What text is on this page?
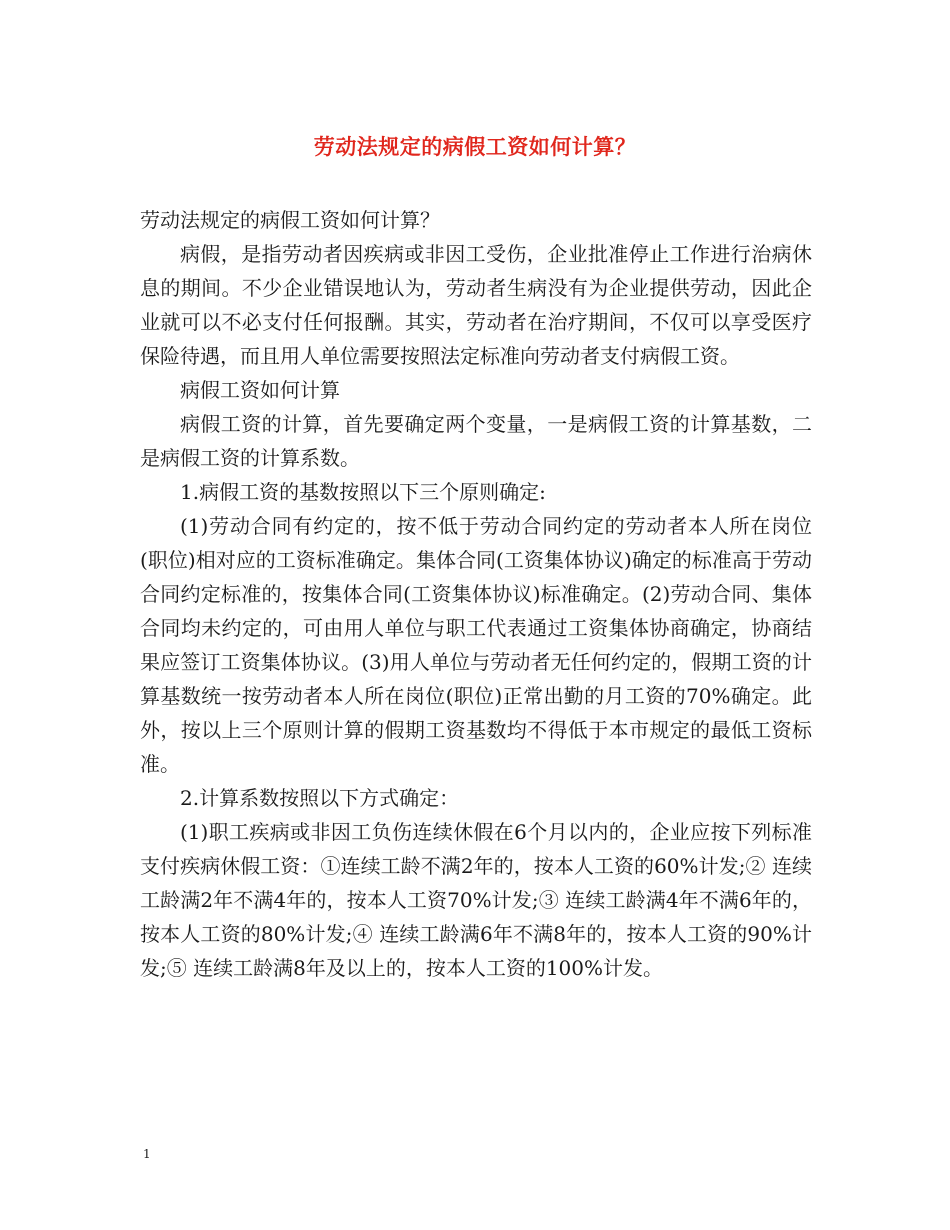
劳动法规定的病假工资如何计算？

劳动法规定的病假工资如何计算？

病假，是指劳动者因疾病或非因工受伤，企业批准停止工作进行治病休息的期间。不少企业错误地认为，劳动者生病没有为企业提供劳动，因此企业就可以不必支付任何报酬。其实，劳动者在治疗期间，不仅可以享受医疗保险待遇，而且用人单位需要按照法定标准向劳动者支付病假工资。

病假工资如何计算

病假工资的计算，首先要确定两个变量，一是病假工资的计算基数，二是病假工资的计算系数。

1.病假工资的基数按照以下三个原则确定:

(1)劳动合同有约定的，按不低于劳动合同约定的劳动者本人所在岗位(职位)相对应的工资标准确定。集体合同(工资集体协议)确定的标准高于劳动合同约定标准的，按集体合同(工资集体协议)标准确定。(2)劳动合同、集体合同均未约定的，可由用人单位与职工代表通过工资集体协商确定，协商结果应签订工资集体协议。(3)用人单位与劳动者无任何约定的，假期工资的计算基数统一按劳动者本人所在岗位(职位)正常出勤的月工资的70%确定。此外，按以上三个原则计算的假期工资基数均不得低于本市规定的最低工资标准。

2.计算系数按照以下方式确定：

(1)职工疾病或非因工负伤连续休假在6个月以内的，企业应按下列标准支付疾病休假工资：①连续工龄不满2年的，按本人工资的60%计发;② 连续工龄满2年不满4年的，按本人工资70%计发;③ 连续工龄满4年不满6年的，按本人工资的80%计发;④ 连续工龄满6年不满8年的，按本人工资的90%计发;⑤ 连续工龄满8年及以上的，按本人工资的100%计发。

1
